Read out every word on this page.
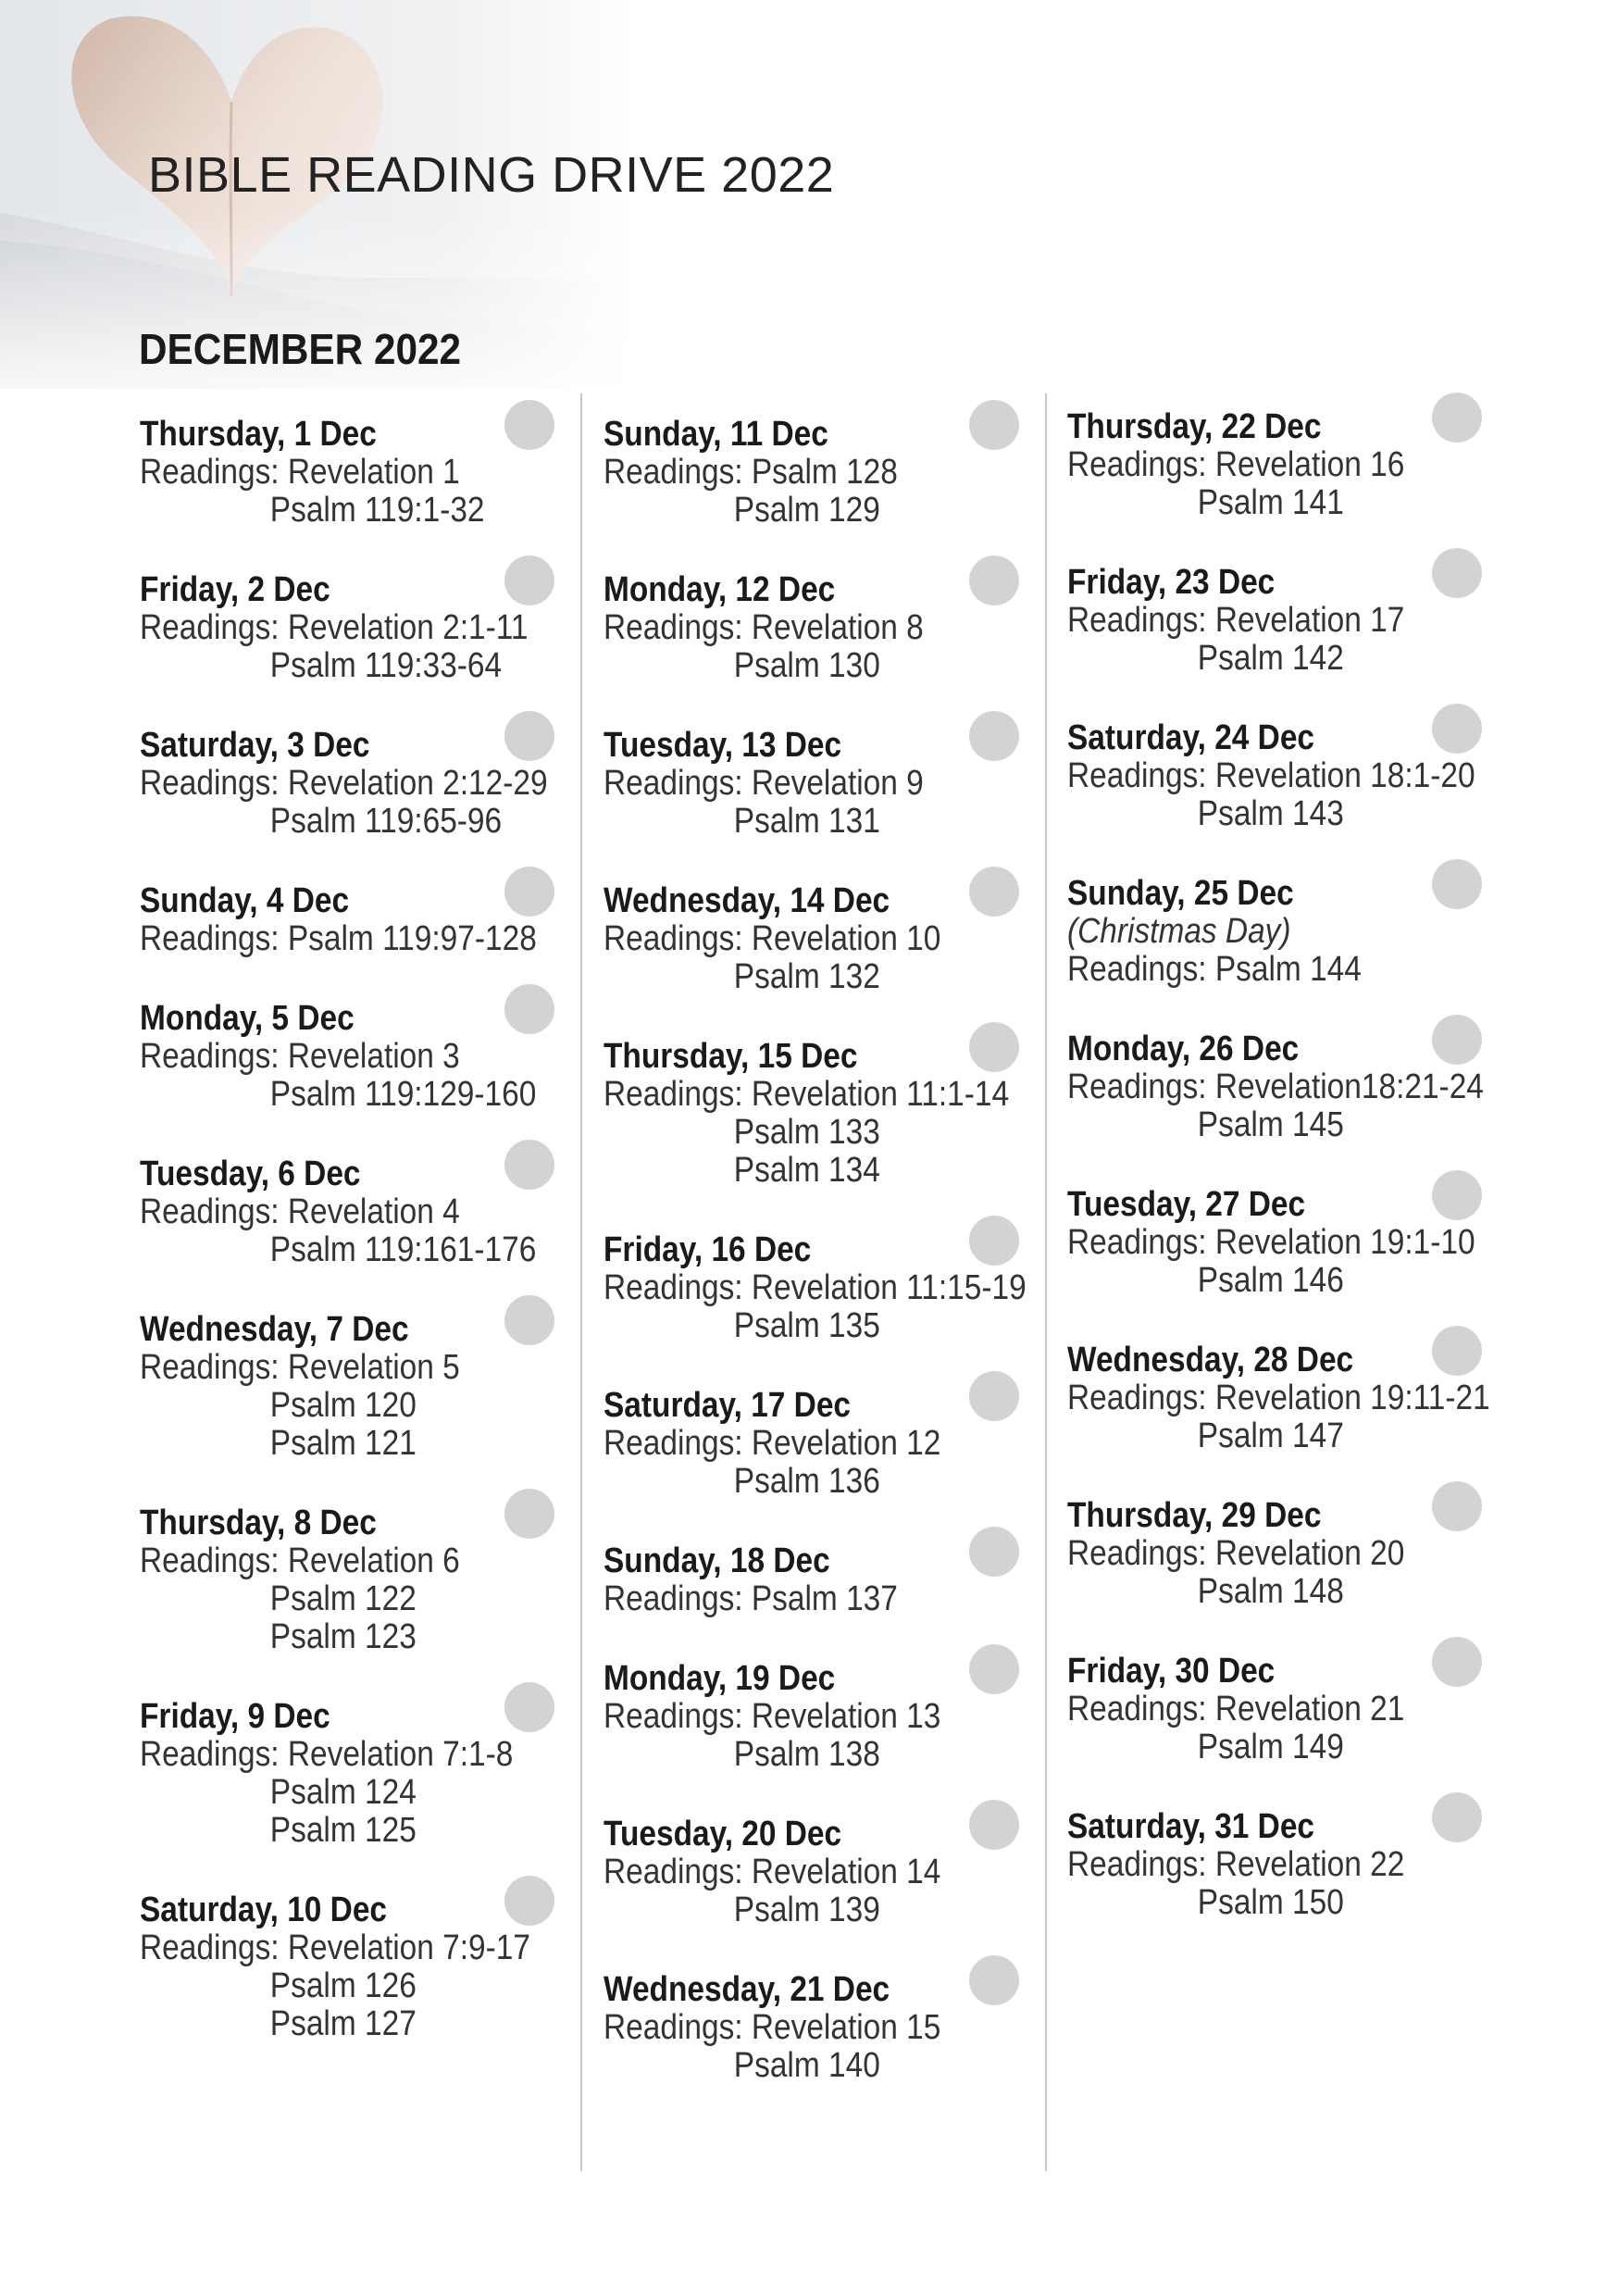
BIBLE READING DRIVE 2022
DECEMBER 2022
Thursday, 1 Dec
Readings: Revelation 1
Psalm 119:1-32
Friday, 2 Dec
Readings: Revelation 2:1-11
Psalm 119:33-64
Saturday, 3 Dec
Readings: Revelation 2:12-29
Psalm 119:65-96
Sunday, 4 Dec
Readings: Psalm 119:97-128
Monday, 5 Dec
Readings: Revelation 3
Psalm 119:129-160
Tuesday, 6 Dec
Readings: Revelation 4
Psalm 119:161-176
Wednesday, 7 Dec
Readings: Revelation 5
Psalm 120
Psalm 121
Thursday, 8 Dec
Readings: Revelation 6
Psalm 122
Psalm 123
Friday, 9 Dec
Readings: Revelation 7:1-8
Psalm 124
Psalm 125
Saturday, 10 Dec
Readings: Revelation 7:9-17
Psalm 126
Psalm 127
Sunday, 11 Dec
Readings: Psalm 128
Psalm 129
Monday, 12 Dec
Readings: Revelation 8
Psalm 130
Tuesday, 13 Dec
Readings: Revelation 9
Psalm 131
Wednesday, 14 Dec
Readings: Revelation 10
Psalm 132
Thursday, 15 Dec
Readings: Revelation 11:1-14
Psalm 133
Psalm 134
Friday, 16 Dec
Readings: Revelation 11:15-19
Psalm 135
Saturday, 17 Dec
Readings: Revelation 12
Psalm 136
Sunday, 18 Dec
Readings: Psalm 137
Monday, 19 Dec
Readings: Revelation 13
Psalm 138
Tuesday, 20 Dec
Readings: Revelation 14
Psalm 139
Wednesday, 21 Dec
Readings: Revelation 15
Psalm 140
Thursday, 22 Dec
Readings: Revelation 16
Psalm 141
Friday, 23 Dec
Readings: Revelation 17
Psalm 142
Saturday, 24 Dec
Readings: Revelation 18:1-20
Psalm 143
Sunday, 25 Dec
(Christmas Day)
Readings: Psalm 144
Monday, 26 Dec
Readings: Revelation18:21-24
Psalm 145
Tuesday, 27 Dec
Readings: Revelation 19:1-10
Psalm 146
Wednesday, 28 Dec
Readings: Revelation 19:11-21
Psalm 147
Thursday, 29 Dec
Readings: Revelation 20
Psalm 148
Friday, 30 Dec
Readings: Revelation 21
Psalm 149
Saturday, 31 Dec
Readings: Revelation 22
Psalm 150
